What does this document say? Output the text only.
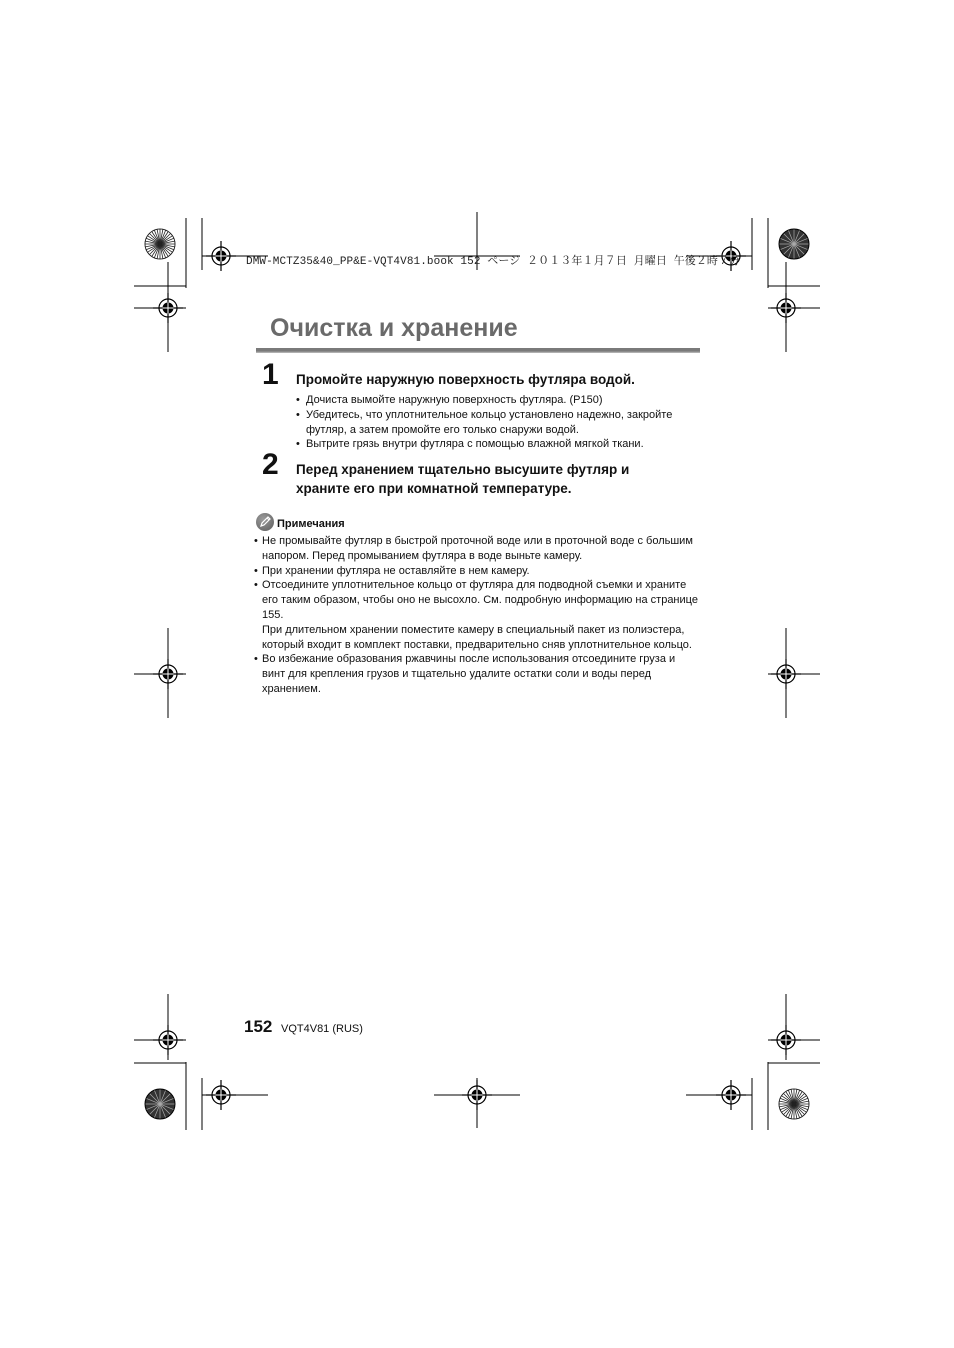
DMW-MCTZ35&40_PP&E-VQT4V81.book 152 ページ ２０１３年１月７日 月曜日 午後２時７分
Очистка и хранение
1 Промойте наружную поверхность футляра водой.
• Дочиста вымойте наружную поверхность футляра. (P150)
• Убедитесь, что уплотнительное кольцо установлено надежно, закройте футляр, а затем промойте его только снаружи водой.
• Вытрите грязь внутри футляра с помощью влажной мягкой ткани.
2 Перед хранением тщательно высушите футляр и храните его при комнатной температуре.
Примечания
• Не промывайте футляр в быстрой проточной воде или в проточной воде с большим напором. Перед промыванием футляра в воде выньте камеру.
• При хранении футляра не оставляйте в нем камеру.
• Отсоедините уплотнительное кольцо от футляра для подводной съемки и храните его таким образом, чтобы оно не высохло. См. подробную информацию на странице 155.
При длительном хранении поместите камеру в специальный пакет из полиэстера, который входит в комплект поставки, предварительно сняв уплотнительное кольцо.
• Во избежание образования ржавчины после использования отсоедините груза и винт для крепления грузов и тщательно удалите остатки соли и воды перед хранением.
152 VQT4V81 (RUS)
